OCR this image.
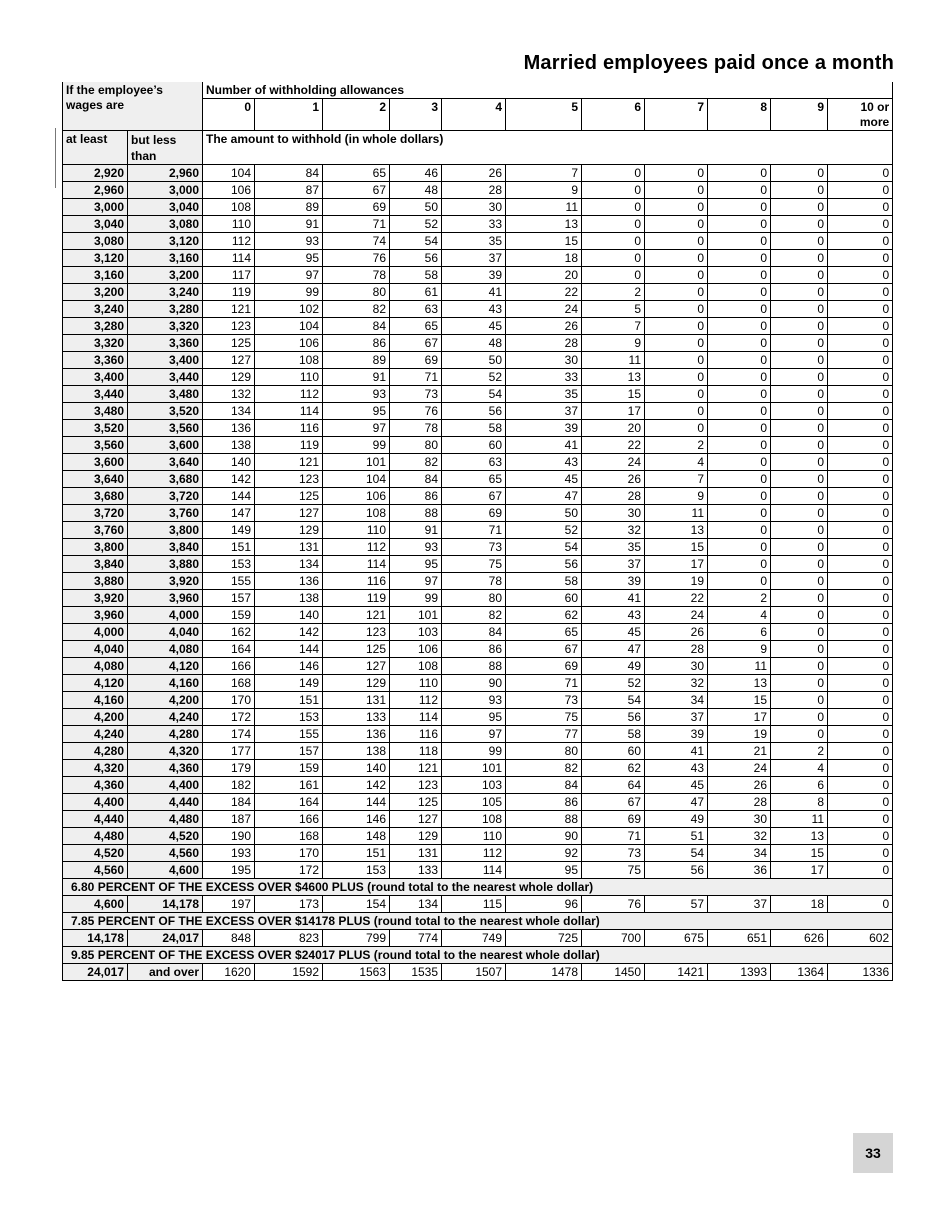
Married employees paid once a month
If the employee’s wages are		Number of withholding allowances										
		0	1	2	3	4	5	6	7	8	9	10 or more
at least	but less than	The amount to withhold (in whole dollars)										
2,920	2,960	104	84	65	46	26	7	0	0	0	0	0
2,960	3,000	106	87	67	48	28	9	0	0	0	0	0
3,000	3,040	108	89	69	50	30	11	0	0	0	0	0
3,040	3,080	110	91	71	52	33	13	0	0	0	0	0
3,080	3,120	112	93	74	54	35	15	0	0	0	0	0
3,120	3,160	114	95	76	56	37	18	0	0	0	0	0
3,160	3,200	117	97	78	58	39	20	0	0	0	0	0
3,200	3,240	119	99	80	61	41	22	2	0	0	0	0
3,240	3,280	121	102	82	63	43	24	5	0	0	0	0
3,280	3,320	123	104	84	65	45	26	7	0	0	0	0
3,320	3,360	125	106	86	67	48	28	9	0	0	0	0
3,360	3,400	127	108	89	69	50	30	11	0	0	0	0
3,400	3,440	129	110	91	71	52	33	13	0	0	0	0
3,440	3,480	132	112	93	73	54	35	15	0	0	0	0
3,480	3,520	134	114	95	76	56	37	17	0	0	0	0
3,520	3,560	136	116	97	78	58	39	20	0	0	0	0
3,560	3,600	138	119	99	80	60	41	22	2	0	0	0
3,600	3,640	140	121	101	82	63	43	24	4	0	0	0
3,640	3,680	142	123	104	84	65	45	26	7	0	0	0
3,680	3,720	144	125	106	86	67	47	28	9	0	0	0
3,720	3,760	147	127	108	88	69	50	30	11	0	0	0
3,760	3,800	149	129	110	91	71	52	32	13	0	0	0
3,800	3,840	151	131	112	93	73	54	35	15	0	0	0
3,840	3,880	153	134	114	95	75	56	37	17	0	0	0
3,880	3,920	155	136	116	97	78	58	39	19	0	0	0
3,920	3,960	157	138	119	99	80	60	41	22	2	0	0
3,960	4,000	159	140	121	101	82	62	43	24	4	0	0
4,000	4,040	162	142	123	103	84	65	45	26	6	0	0
4,040	4,080	164	144	125	106	86	67	47	28	9	0	0
4,080	4,120	166	146	127	108	88	69	49	30	11	0	0
4,120	4,160	168	149	129	110	90	71	52	32	13	0	0
4,160	4,200	170	151	131	112	93	73	54	34	15	0	0
4,200	4,240	172	153	133	114	95	75	56	37	17	0	0
4,240	4,280	174	155	136	116	97	77	58	39	19	0	0
4,280	4,320	177	157	138	118	99	80	60	41	21	2	0
4,320	4,360	179	159	140	121	101	82	62	43	24	4	0
4,360	4,400	182	161	142	123	103	84	64	45	26	6	0
4,400	4,440	184	164	144	125	105	86	67	47	28	8	0
4,440	4,480	187	166	146	127	108	88	69	49	30	11	0
4,480	4,520	190	168	148	129	110	90	71	51	32	13	0
4,520	4,560	193	170	151	131	112	92	73	54	34	15	0
4,560	4,600	195	172	153	133	114	95	75	56	36	17	0
6.80 PERCENT OF THE EXCESS OVER $4600 PLUS (round total to the nearest whole dollar)												
4,600	14,178	197	173	154	134	115	96	76	57	37	18	0
7.85 PERCENT OF THE EXCESS OVER $14178 PLUS (round total to the nearest whole dollar)												
14,178	24,017	848	823	799	774	749	725	700	675	651	626	602
9.85 PERCENT OF THE EXCESS OVER $24017 PLUS (round total to the nearest whole dollar)												
24,017	and over	1620	1592	1563	1535	1507	1478	1450	1421	1393	1364	1336
33
